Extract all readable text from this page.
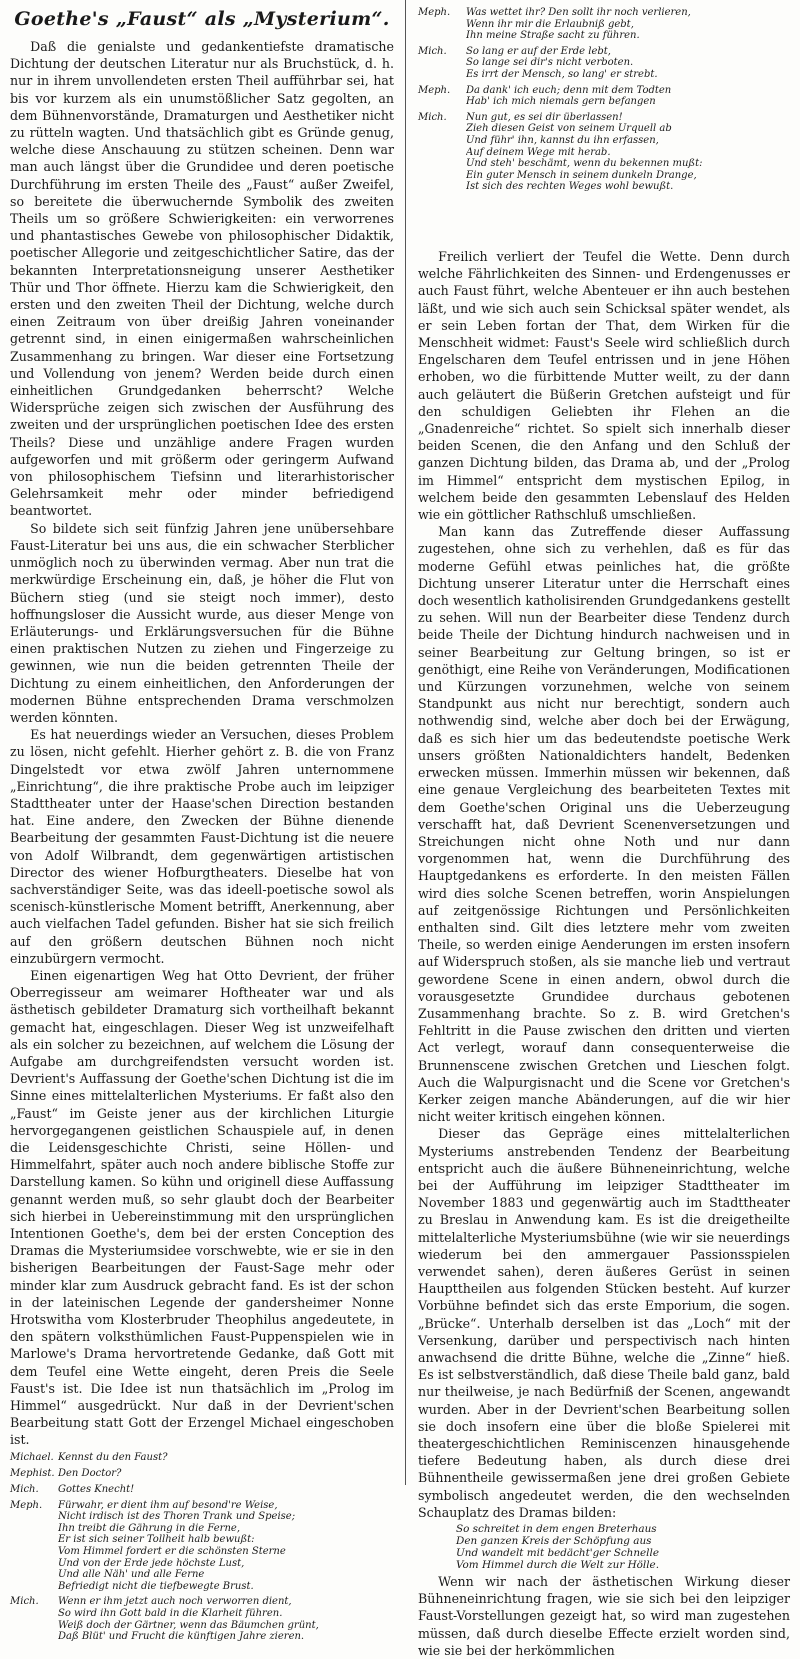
Goethe's „Faust“ als „Mysterium“.

Daß die genialste und gedankentiefste dramatische Dichtung der deutschen Literatur nur als Bruchstück, d. h. nur in ihrem unvollendeten ersten Theil aufführbar sei, hat bis vor kurzem als ein unumstößlicher Satz gegolten, an dem Bühnenvorstände, Dramaturgen und Aesthetiker nicht zu rütteln wagten. Und thatsächlich gibt es Gründe genug, welche diese Anschauung zu stützen scheinen. Denn war man auch längst über die Grundidee und deren poetische Durchführung im ersten Theile des „Faust“ außer Zweifel, so bereitete die überwuchernde Symbolik des zweiten Theils um so größere Schwierigkeiten: ein verworrenes und phantastisches Gewebe von philosophischer Didaktik, poetischer Allegorie und zeitgeschichtlicher Satire, das der bekannten Interpretationsneigung unserer Aesthetiker Thür und Thor öffnete. Hierzu kam die Schwierigkeit, den ersten und den zweiten Theil der Dichtung, welche durch einen Zeitraum von über dreißig Jahren voneinander getrennt sind, in einen einigermaßen wahrscheinlichen Zusammenhang zu bringen. War dieser eine Fortsetzung und Vollendung von jenem? Werden beide durch einen einheitlichen Grundgedanken beherrscht? Welche Widersprüche zeigen sich zwischen der Ausführung des zweiten und der ursprünglichen poetischen Idee des ersten Theils? Diese und unzählige andere Fragen wurden aufgeworfen und mit größerm oder geringerm Aufwand von philosophischem Tiefsinn und literarhistorischer Gelehrsamkeit mehr oder minder befriedigend beantwortet.

So bildete sich seit fünfzig Jahren jene unübersehbare Faust-Literatur bei uns aus, die ein schwacher Sterblicher unmöglich noch zu überwinden vermag. Aber nun trat die merkwürdige Erscheinung ein, daß, je höher die Flut von Büchern stieg (und sie steigt noch immer), desto hoffnungsloser die Aussicht wurde, aus dieser Menge von Erläuterungs- und Erklärungsversuchen für die Bühne einen praktischen Nutzen zu ziehen und Fingerzeige zu gewinnen, wie nun die beiden getrennten Theile der Dichtung zu einem einheitlichen, den Anforderungen der modernen Bühne entsprechenden Drama verschmolzen werden könnten.

Es hat neuerdings wieder an Versuchen, dieses Problem zu lösen, nicht gefehlt. Hierher gehört z. B. die von Franz Dingelstedt vor etwa zwölf Jahren unternommene „Einrichtung“, die ihre praktische Probe auch im leipziger Stadttheater unter der Haase'schen Direction bestanden hat. Eine andere, den Zwecken der Bühne dienende Bearbeitung der gesammten Faust-Dichtung ist die neuere von Adolf Wilbrandt, dem gegenwärtigen artistischen Director des wiener Hofburgtheaters. Dieselbe hat von sachverständiger Seite, was das ideell-poetische sowol als scenisch-künstlerische Moment betrifft, Anerkennung, aber auch vielfachen Tadel gefunden. Bisher hat sie sich freilich auf den größern deutschen Bühnen noch nicht einzubürgern vermocht.

Einen eigenartigen Weg hat Otto Devrient, der früher Oberregisseur am weimarer Hoftheater war und als ästhetisch gebildeter Dramaturg sich vortheilhaft bekannt gemacht hat, eingeschlagen. Dieser Weg ist unzweifelhaft als ein solcher zu bezeichnen, auf welchem die Lösung der Aufgabe am durchgreifendsten versucht worden ist. Devrient's Auffassung der Goethe'schen Dichtung ist die im Sinne eines mittelalterlichen Mysteriums. Er faßt also den „Faust“ im Geiste jener aus der kirchlichen Liturgie hervorgegangenen geistlichen Schauspiele auf, in denen die Leidensgeschichte Christi, seine Höllen- und Himmelfahrt, später auch noch andere biblische Stoffe zur Darstellung kamen. So kühn und originell diese Auffassung genannt werden muß, so sehr glaubt doch der Bearbeiter sich hierbei in Uebereinstimmung mit den ursprünglichen Intentionen Goethe's, dem bei der ersten Conception des Dramas die Mysteriumsidee vorschwebte, wie er sie in den bisherigen Bearbeitungen der Faust-Sage mehr oder minder klar zum Ausdruck gebracht fand. Es ist der schon in der lateinischen Legende der gandersheimer Nonne Hrotswitha vom Klosterbruder Theophilus angedeutete, in den spätern volksthümlichen Faust-Puppenspielen wie in Marlowe's Drama hervortretende Gedanke, daß Gott mit dem Teufel eine Wette eingeht, deren Preis die Seele Faust's ist. Die Idee ist nun thatsächlich im „Prolog im Himmel“ ausgedrückt. Nur daß in der Devrient'schen Bearbeitung statt Gott der Erzengel Michael eingeschoben ist.

Michael. Kennst du den Faust?
Mephist. Den Doctor?
Mich.	Gottes Knecht!
Meph.	Fürwahr, er dient ihm auf besond're Weise,
Nicht irdisch ist des Thoren Trank und Speise;
Ihn treibt die Gährung in die Ferne,
Er ist sich seiner Tollheit halb bewußt:
Vom Himmel fordert er die schönsten Sterne
Und von der Erde jede höchste Lust,
Und alle Näh' und alle Ferne
Befriedigt nicht die tiefbewegte Brust.
Mich.	Wenn er ihm jetzt auch noch verworren dient,
So wird ihn Gott bald in die Klarheit führen.
Weiß doch der Gärtner, wenn das Bäumchen grünt,
Daß Blüt' und Frucht die künftigen Jahre zieren.
Meph.	Was wettet ihr? Den sollt ihr noch verlieren,
Wenn ihr mir die Erlaubniß gebt,
Ihn meine Straße sacht zu führen.
Mich.	So lang er auf der Erde lebt,
So lange sei dir's nicht verboten.
Es irrt der Mensch, so lang' er strebt.
Meph.	Da dank' ich euch; denn mit dem Todten
Hab' ich mich niemals gern befangen
Mich.	Nun gut, es sei dir überlassen!
Zieh diesen Geist von seinem Urquell ab
Und führ' ihn, kannst du ihn erfassen,
Auf deinem Wege mit herab.
Und steh' beschämt, wenn du bekennen mußt:
Ein guter Mensch in seinem dunkeln Drange,
Ist sich des rechten Weges wohl bewußt.

Freilich verliert der Teufel die Wette. Denn durch welche Fährlichkeiten des Sinnen- und Erdengenusses er auch Faust führt, welche Abenteuer er ihn auch bestehen läßt, und wie sich auch sein Schicksal später wendet, als er sein Leben fortan der That, dem Wirken für die Menschheit widmet: Faust's Seele wird schließlich durch Engelscharen dem Teufel entrissen und in jene Höhen erhoben, wo die fürbittende Mutter weilt, zu der dann auch geläutert die Büßerin Gretchen aufsteigt und für den schuldigen Geliebten ihr Flehen an die „Gnadenreiche“ richtet. So spielt sich innerhalb dieser beiden Scenen, die den Anfang und den Schluß der ganzen Dichtung bilden, das Drama ab, und der „Prolog im Himmel“ entspricht dem mystischen Epilog, in welchem beide den gesammten Lebenslauf des Helden wie ein göttlicher Rathschluß umschließen.

Man kann das Zutreffende dieser Auffassung zugestehen, ohne sich zu verhehlen, daß es für das moderne Gefühl etwas peinliches hat, die größte Dichtung unserer Literatur unter die Herrschaft eines doch wesentlich katholisirenden Grundgedankens gestellt zu sehen. Will nun der Bearbeiter diese Tendenz durch beide Theile der Dichtung hindurch nachweisen und in seiner Bearbeitung zur Geltung bringen, so ist er genöthigt, eine Reihe von Veränderungen, Modificationen und Kürzungen vorzunehmen, welche von seinem Standpunkt aus nicht nur berechtigt, sondern auch nothwendig sind, welche aber doch bei der Erwägung, daß es sich hier um das bedeutendste poetische Werk unsers größten Nationaldichters handelt, Bedenken erwecken müssen. Immerhin müssen wir bekennen, daß eine genaue Vergleichung des bearbeiteten Textes mit dem Goethe'schen Original uns die Ueberzeugung verschafft hat, daß Devrient Scenenversetzungen und Streichungen nicht ohne Noth und nur dann vorgenommen hat, wenn die Durchführung des Hauptgedankens es erforderte. In den meisten Fällen wird dies solche Scenen betreffen, worin Anspielungen auf zeitgenössige Richtungen und Persönlichkeiten enthalten sind. Gilt dies letztere mehr vom zweiten Theile, so werden einige Aenderungen im ersten insofern auf Widerspruch stoßen, als sie manche lieb und vertraut gewordene Scene in einen andern, obwol durch die vorausgesetzte Grundidee durchaus gebotenen Zusammenhang brachte. So z. B. wird Gretchen's Fehltritt in die Pause zwischen den dritten und vierten Act verlegt, worauf dann consequenterweise die Brunnenscene zwischen Gretchen und Lieschen folgt. Auch die Walpurgisnacht und die Scene vor Gretchen's Kerker zeigen manche Abänderungen, auf die wir hier nicht weiter kritisch eingehen können.

Dieser das Gepräge eines mittelalterlichen Mysteriums anstrebenden Tendenz der Bearbeitung entspricht auch die äußere Bühneneinrichtung, welche bei der Aufführung im leipziger Stadttheater im November 1883 und gegenwärtig auch im Stadttheater zu Breslau in Anwendung kam. Es ist die dreigetheilte mittelalterliche Mysteriumsbühne (wie wir sie neuerdings wiederum bei den ammergauer Passionsspielen verwendet sahen), deren äußeres Gerüst in seinen Haupttheilen aus folgenden Stücken besteht. Auf kurzer Vorbühne befindet sich das erste Emporium, die sogen. „Brücke“. Unterhalb derselben ist das „Loch“ mit der Versenkung, darüber und perspectivisch nach hinten anwachsend die dritte Bühne, welche die „Zinne“ hieß. Es ist selbstverständlich, daß diese Theile bald ganz, bald nur theilweise, je nach Bedürfniß der Scenen, angewandt wurden. Aber in der Devrient'schen Bearbeitung sollen sie doch insofern eine über die bloße Spielerei mit theatergeschichtlichen Reminiscenzen hinausgehende tiefere Bedeutung haben, als durch diese drei Bühnentheile gewissermaßen jene drei großen Gebiete symbolisch angedeutet werden, die den wechselnden Schauplatz des Dramas bilden:

So schreitet in dem engen Breterhaus
Den ganzen Kreis der Schöpfung aus
Und wandelt mit bedächt'ger Schnelle
Vom Himmel durch die Welt zur Hölle.

Wenn wir nach der ästhetischen Wirkung dieser Bühneneinrichtung fragen, wie sie sich bei den leipziger Faust-Vorstellungen gezeigt hat, so wird man zugestehen müssen, daß durch dieselbe Effecte erzielt worden sind, wie sie bei der herkömmlichen
